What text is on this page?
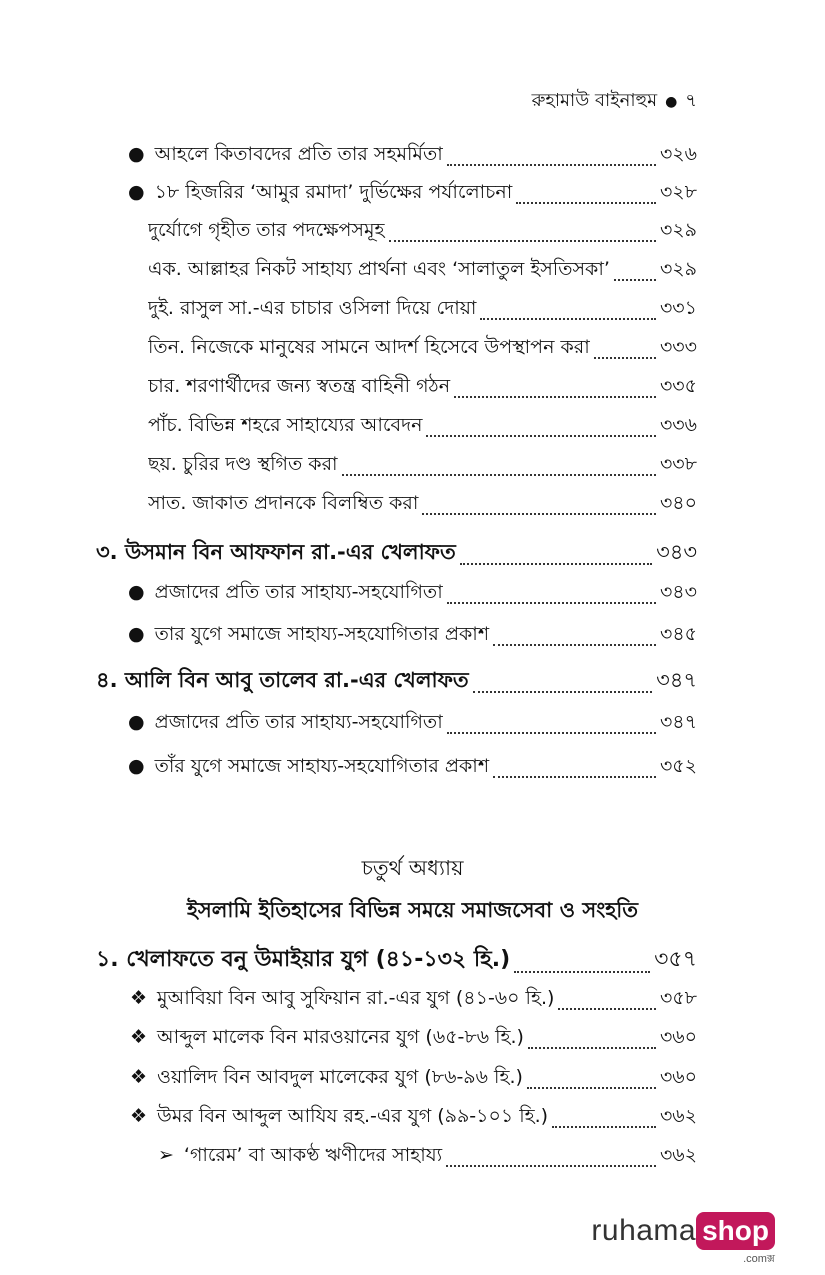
রুহামাউ বাইনাহুম ● ৭
● আহলে কিতাবদের প্রতি তার সহমর্মিতা	৩২৬
● ১৮ হিজরির ‘আমুর রমাদা’ দুর্ভিক্ষের পর্যালোচনা	৩২৮
দুর্যোগে গৃহীত তার পদক্ষেপসমূহ	৩২৯
এক. আল্লাহর নিকট সাহায্য প্রার্থনা এবং ‘সালাতুল ইসতিসকা’	৩২৯
দুই. রাসুল সা.-এর চাচার ওসিলা দিয়ে দোয়া	৩৩১
তিন. নিজেকে মানুষের সামনে আদর্শ হিসেবে উপস্থাপন করা	৩৩৩
চার. শরণার্থীদের জন্য স্বতন্ত্র বাহিনী গঠন	৩৩৫
পাঁচ. বিভিন্ন শহরে সাহায্যের আবেদন	৩৩৬
ছয়. চুরির দণ্ড স্থগিত করা	৩৩৮
সাত. জাকাত প্রদানকে বিলম্বিত করা	৩৪০
৩. উসমান বিন আফফান রা.-এর খেলাফত	৩৪৩
● প্রজাদের প্রতি তার সাহায্য-সহযোগিতা	৩৪৩
● তার যুগে সমাজে সাহায্য-সহযোগিতার প্রকাশ	৩৪৫
৪. আলি বিন আবু তালেব রা.-এর খেলাফত	৩৪৭
● প্রজাদের প্রতি তার সাহায্য-সহযোগিতা	৩৪৭
● তাঁর যুগে সমাজে সাহায্য-সহযোগিতার প্রকাশ	৩৫২
চতুর্থ অধ্যায়
ইসলামি ইতিহাসের বিভিন্ন সময়ে সমাজসেবা ও সংহতি
১. খেলাফতে বনু উমাইয়ার যুগ (৪১-১৩২ হি.)	৩৫৭
❖ মুআবিয়া বিন আবু সুফিয়ান রা.-এর যুগ (৪১-৬০ হি.)	৩৫৮
❖ আব্দুল মালেক বিন মারওয়ানের যুগ (৬৫-৮৬ হি.)	৩৬০
❖ ওয়ালিদ বিন আবদুল মালেকের যুগ (৮৬-৯৬ হি.)	৩৬০
❖ উমর বিন আব্দুল আযিয রহ.-এর যুগ (৯৯-১০১ হি.)	৩৬২
➢ ‘গারেম’ বা আকণ্ঠ ঋণীদের সাহায্য	৩৬২
ruhama shop
.comক্স
